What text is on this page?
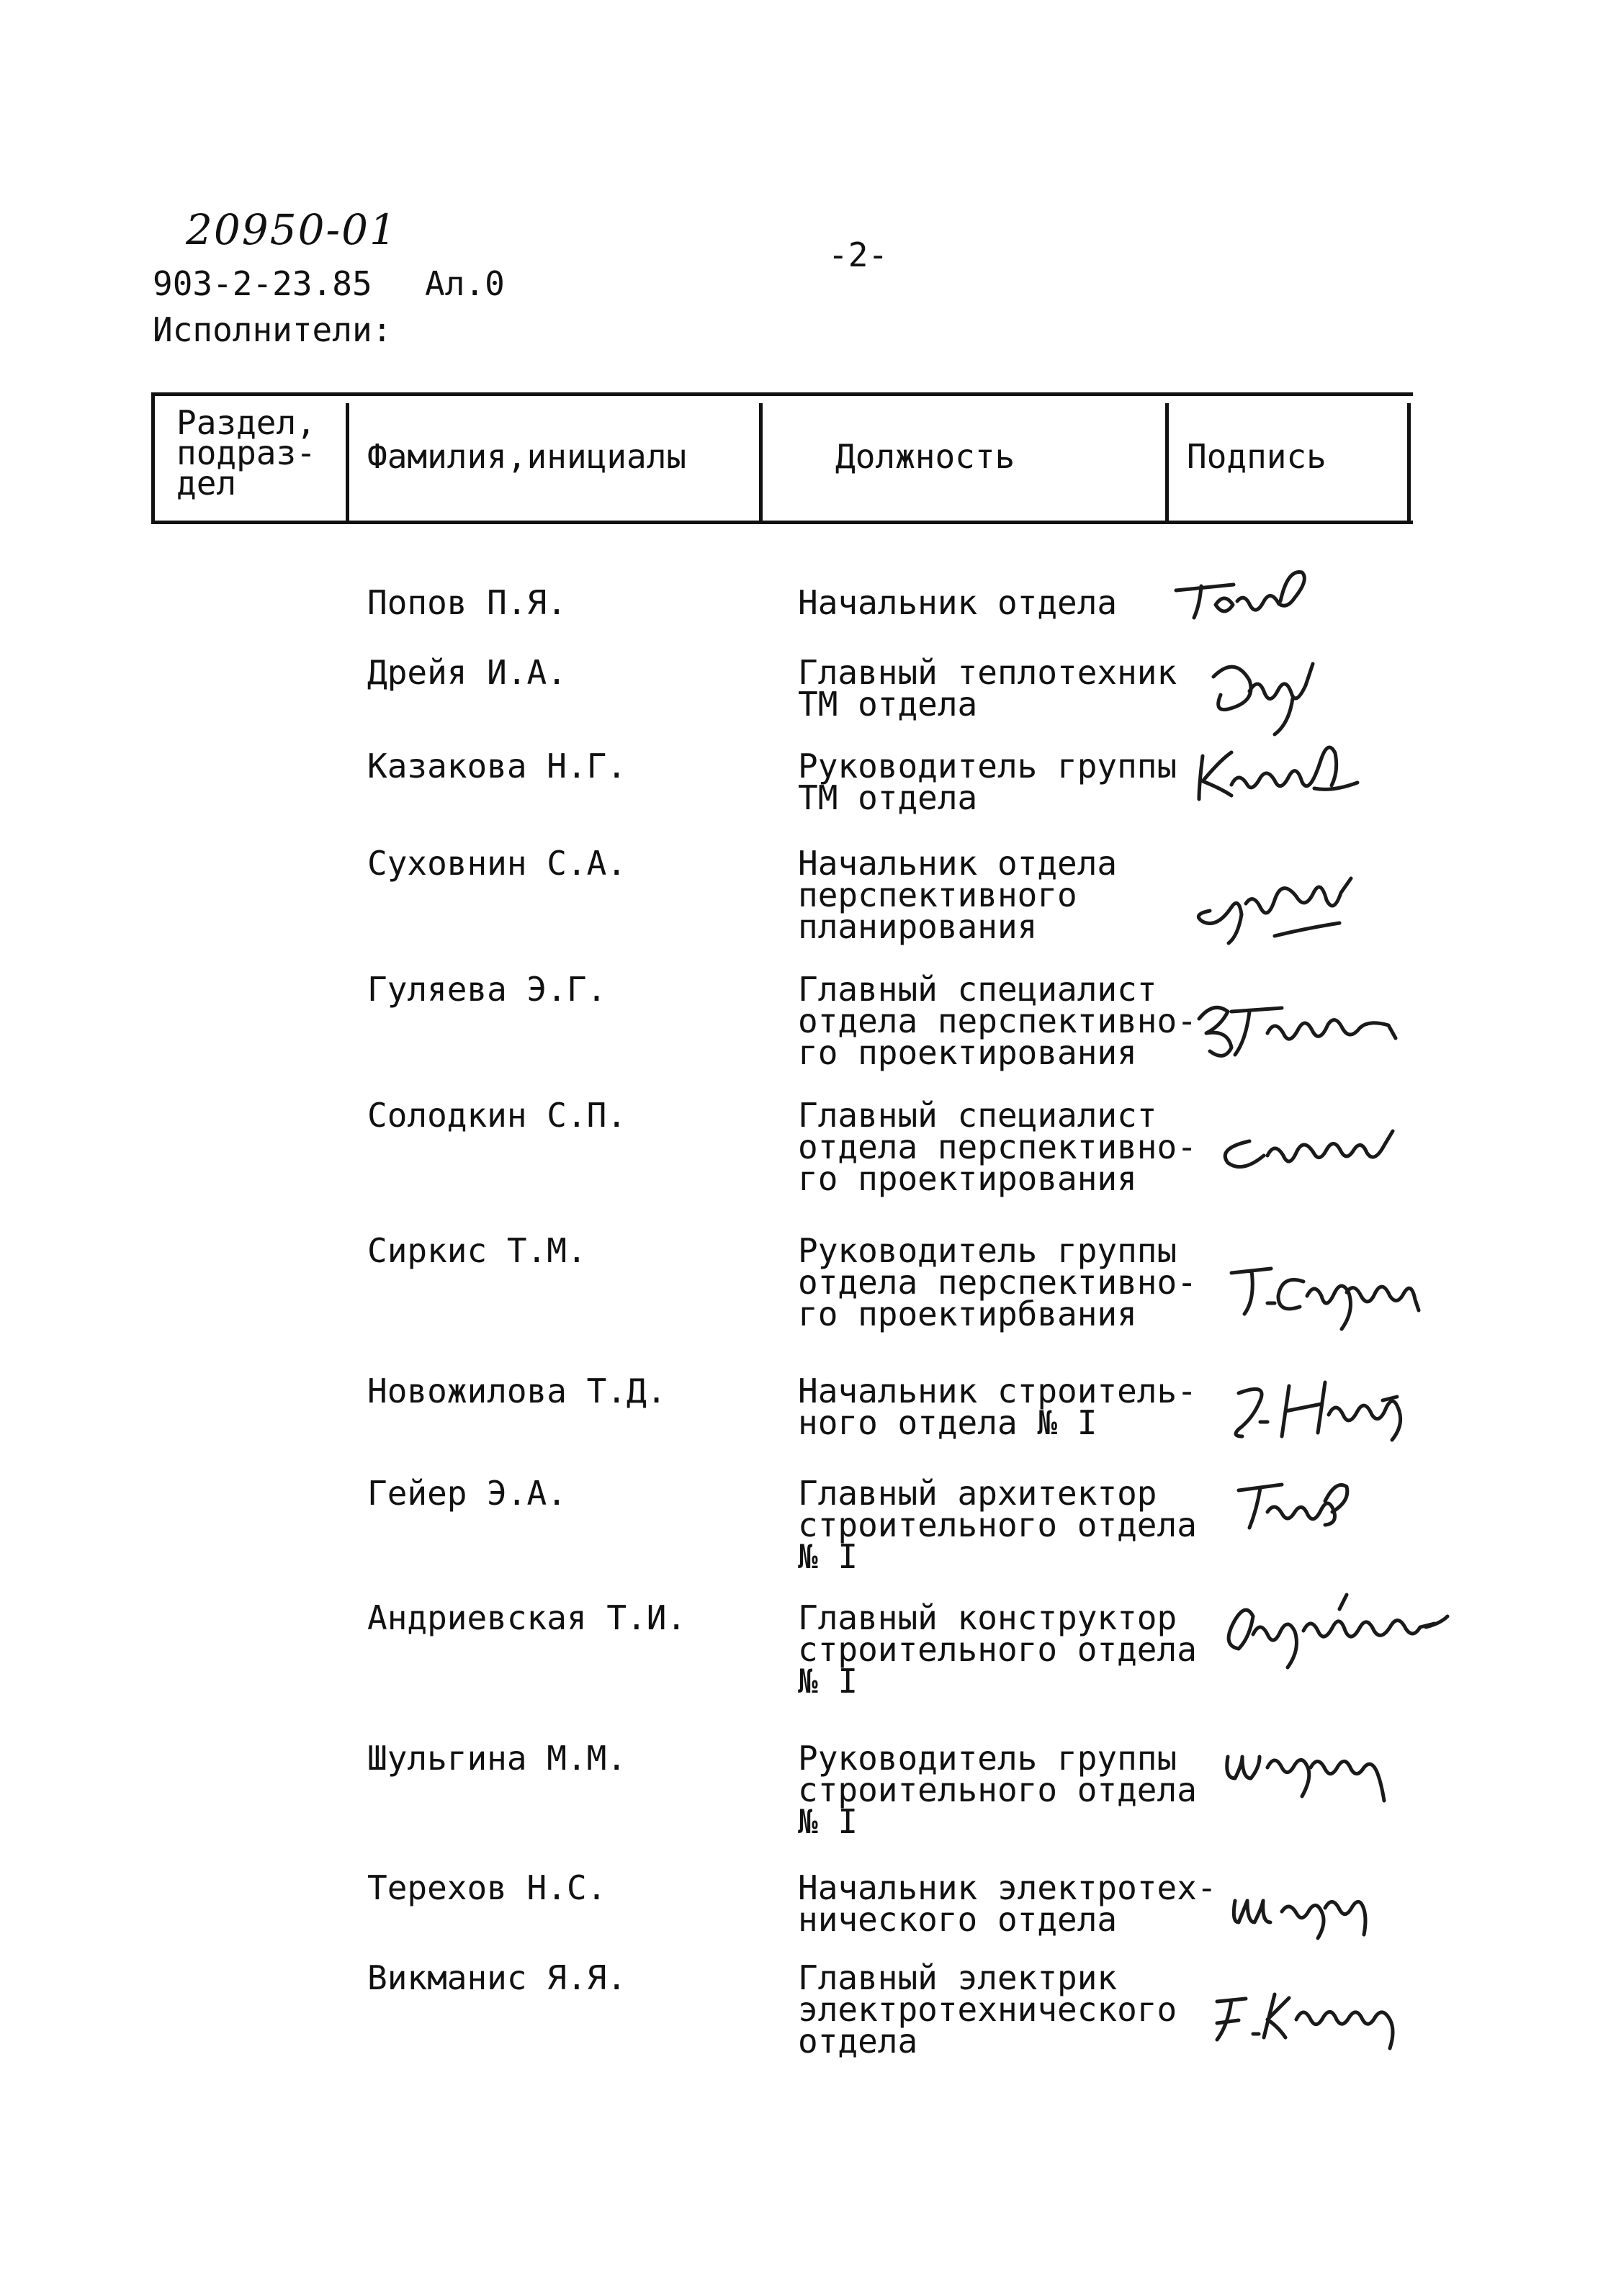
20950-01
903-2-23.85 Ал.0
-2-
Исполнители:
Раздел,
подраз-
дел
Фамилия,инициалы	Должность	Подпись
Попов П.Я.	Начальник отдела
Дрейя И.А.	Главный теплотехник
ТМ отдела
Казакова Н.Г.	Руководитель группы
ТМ отдела
Суховнин С.А.	Начальник отдела
перспективного
планирования
Гуляева Э.Г.	Главный специалист
отдела перспективно-
го проектирования
Солодкин С.П.	Главный специалист
отдела перспективно-
го проектирования
Сиркис Т.М.	Руководитель группы
отдела перспективно-
го проектирбвания
Новожилова Т.Д.	Начальник строитель-
ного отдела № I
Гейер Э.А.	Главный архитектор
строительного отдела
№ I
Андриевская Т.И.	Главный конструктор
строительного отдела
№ I
Шульгина М.М.	Руководитель группы
строительного отдела
№ I
Терехов Н.С.	Начальник электротех-
нического отдела
Викманис Я.Я.	Главный электрик
электротехнического
отдела
